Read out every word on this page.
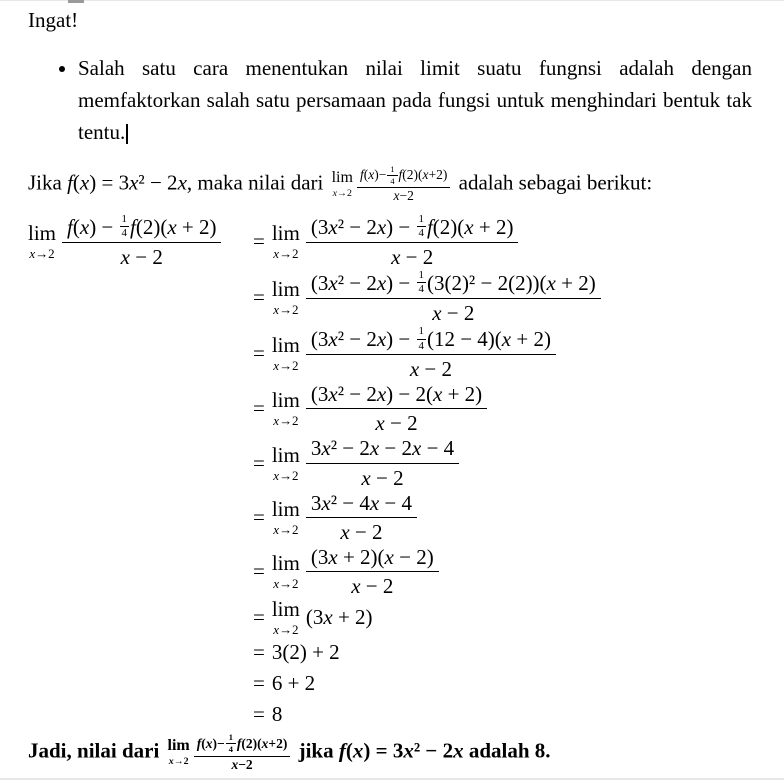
Ingat!

• Salah satu cara menentukan nilai limit suatu fungnsi adalah dengan memfaktorkan salah satu persamaan pada fungsi untuk menghindari bentuk tak tentu.

Jika f(x) = 3x² − 2x, maka nilai dari lim
$x\to 2 \frac{f(x)- \frac{1}{4} f(2)(x+2)}{x-2}$ adalah sebagai berikut:

lim
$x\to 2 \frac{f(x) - \frac{1}{4} f(2)(x + 2)}{x - 2} = \lim$
$x\to 2 \frac{(3x^2 - 2x) - \frac{1}{4} f(2)(x + 2)}{x - 2}$
= lim
$x\to 2 \frac{(3x^2 - 2x) - \frac{1}{4} (3(2)^2 - 2(2))(x + 2)}{x - 2}$
= lim
$x\to 2 \frac{(3x^2 - 2x) - \frac{1}{4} (12 - 4)(x + 2)}{x - 2}$
= lim
$x\to 2 \frac{\text{(3x² − 2x) − 2(x + 2)}}{x - 2}$
= lim
$x\to 2 \frac{\text{3x² − 2x − 2x − 4}}{x - 2}$
= lim
$x\to 2 \frac{\text{3x² − 4x − 4}}{x - 2}$
= lim
$x\to 2 \frac{(3x + 2)(x - 2)}{x - 2}$
= lim
x→2
(3x + 2)
= 3(2) + 2
= 6 + 2
= 8

Jadi, nilai dari lim
$x\to 2 \frac{f(x)- \frac{1}{4} f(2)(x+2)}{x-2}$ jika f(x) = 3x² − 2x adalah 8.
